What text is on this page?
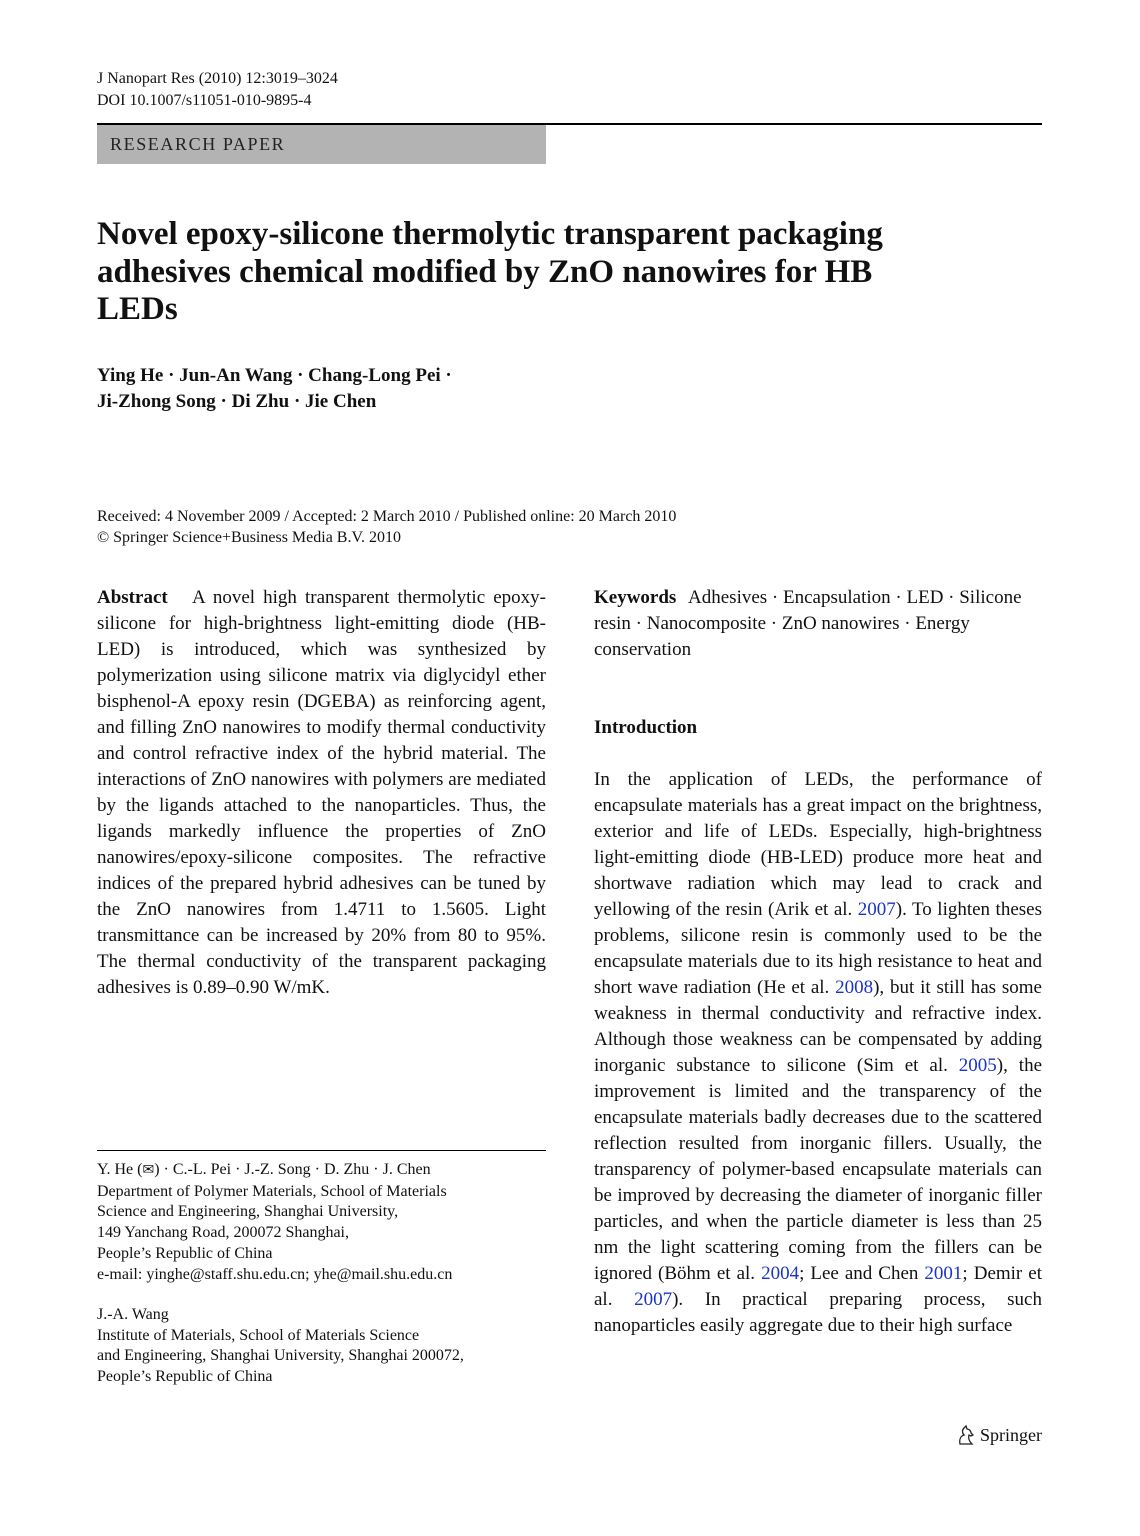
J Nanopart Res (2010) 12:3019–3024
DOI 10.1007/s11051-010-9895-4
RESEARCH PAPER
Novel epoxy-silicone thermolytic transparent packaging adhesives chemical modified by ZnO nanowires for HB LEDs
Ying He · Jun-An Wang · Chang-Long Pei ·
Ji-Zhong Song · Di Zhu · Jie Chen
Received: 4 November 2009 / Accepted: 2 March 2010 / Published online: 20 March 2010
© Springer Science+Business Media B.V. 2010

Abstract A novel high transparent thermolytic epoxy-silicone for high-brightness light-emitting diode (HB-LED) is introduced, which was synthesized by polymerization using silicone matrix via diglycidyl ether bisphenol-A epoxy resin (DGEBA) as reinforcing agent, and filling ZnO nanowires to modify thermal conductivity and control refractive index of the hybrid material. The interactions of ZnO nanowires with polymers are mediated by the ligands attached to the nanoparticles. Thus, the ligands markedly influence the properties of ZnO nanowires/epoxy-silicone composites. The refractive indices of the prepared hybrid adhesives can be tuned by the ZnO nanowires from 1.4711 to 1.5605. Light transmittance can be increased by 20% from 80 to 95%. The thermal conductivity of the transparent packaging adhesives is 0.89–0.90 W/mK.

Keywords Adhesives · Encapsulation · LED · Silicone resin · Nanocomposite · ZnO nanowires · Energy conservation

Introduction

In the application of LEDs, the performance of encapsulate materials has a great impact on the brightness, exterior and life of LEDs. Especially, high-brightness light-emitting diode (HB-LED) produce more heat and shortwave radiation which may lead to crack and yellowing of the resin (Arik et al. 2007). To lighten theses problems, silicone resin is commonly used to be the encapsulate materials due to its high resistance to heat and short wave radiation (He et al. 2008), but it still has some weakness in thermal conductivity and refractive index. Although those weakness can be compensated by adding inorganic substance to silicone (Sim et al. 2005), the improvement is limited and the transparency of the encapsulate materials badly decreases due to the scattered reflection resulted from inorganic fillers. Usually, the transparency of polymer-based encapsulate materials can be improved by decreasing the diameter of inorganic filler particles, and when the particle diameter is less than 25 nm the light scattering coming from the fillers can be ignored (Böhm et al. 2004; Lee and Chen 2001; Demir et al. 2007). In practical preparing process, such nanoparticles easily aggregate due to their high surface

Y. He (✉) · C.-L. Pei · J.-Z. Song · D. Zhu · J. Chen
Department of Polymer Materials, School of Materials
Science and Engineering, Shanghai University,
149 Yanchang Road, 200072 Shanghai,
People’s Republic of China
e-mail: yinghe@staff.shu.edu.cn; yhe@mail.shu.edu.cn
J.-A. Wang
Institute of Materials, School of Materials Science
and Engineering, Shanghai University, Shanghai 200072,
People’s Republic of China
Springer
